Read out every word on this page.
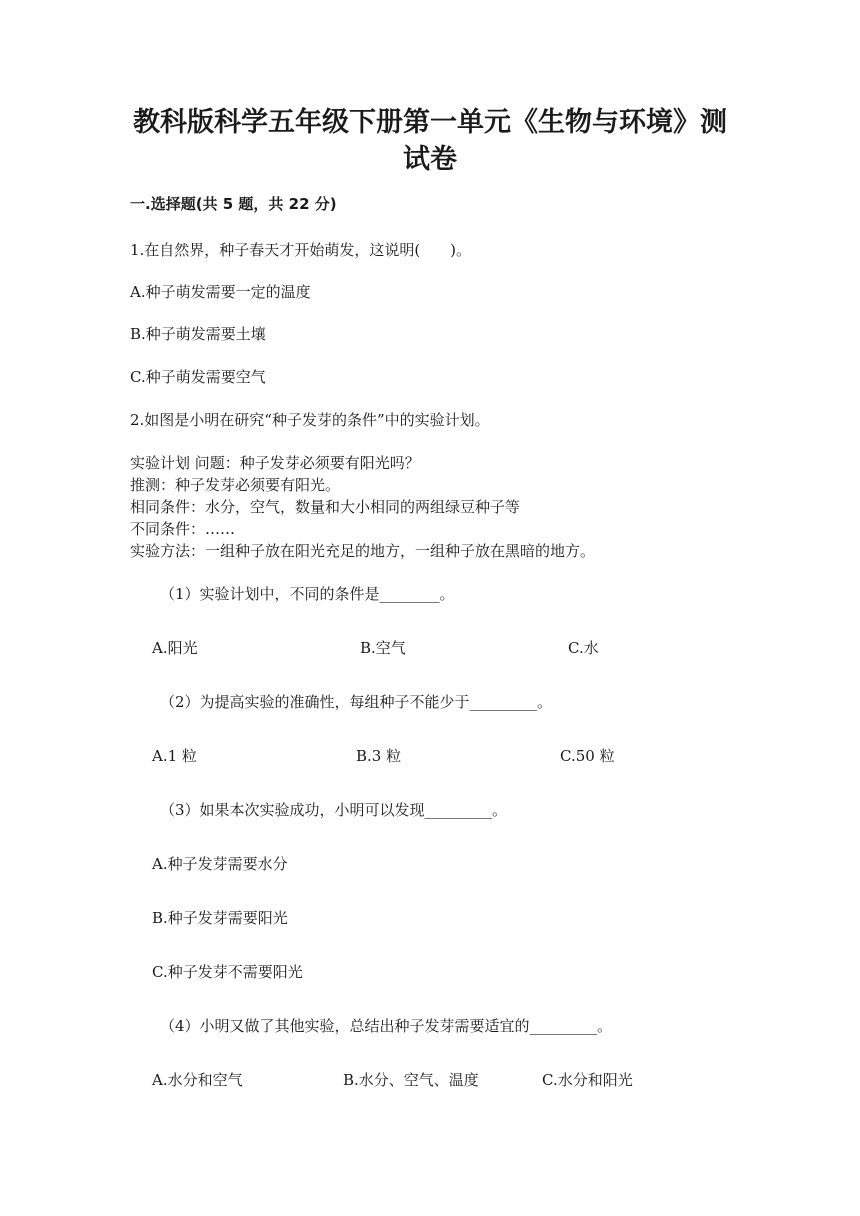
教科版科学五年级下册第一单元《生物与环境》测
试卷
一.选择题(共 5 题，共 22 分)
1.在自然界，种子春天才开始萌发，这说明(　　)。
A.种子萌发需要一定的温度
B.种子萌发需要土壤
C.种子萌发需要空气
2.如图是小明在研究“种子发芽的条件”中的实验计划。
实验计划 问题：种子发芽必须要有阳光吗？
推测：种子发芽必须要有阳光。
相同条件：水分，空气，数量和大小相同的两组绿豆种子等
不同条件：……
实验方法：一组种子放在阳光充足的地方，一组种子放在黑暗的地方。
（1）实验计划中，不同的条件是________。
A.阳光	B.空气	C.水
（2）为提高实验的准确性，每组种子不能少于_________。
A.1 粒	B.3 粒	C.50 粒
（3）如果本次实验成功，小明可以发现_________。
A.种子发芽需要水分
B.种子发芽需要阳光
C.种子发芽不需要阳光
（4）小明又做了其他实验，总结出种子发芽需要适宜的_________。
A.水分和空气	B.水分、空气、温度	C.水分和阳光
